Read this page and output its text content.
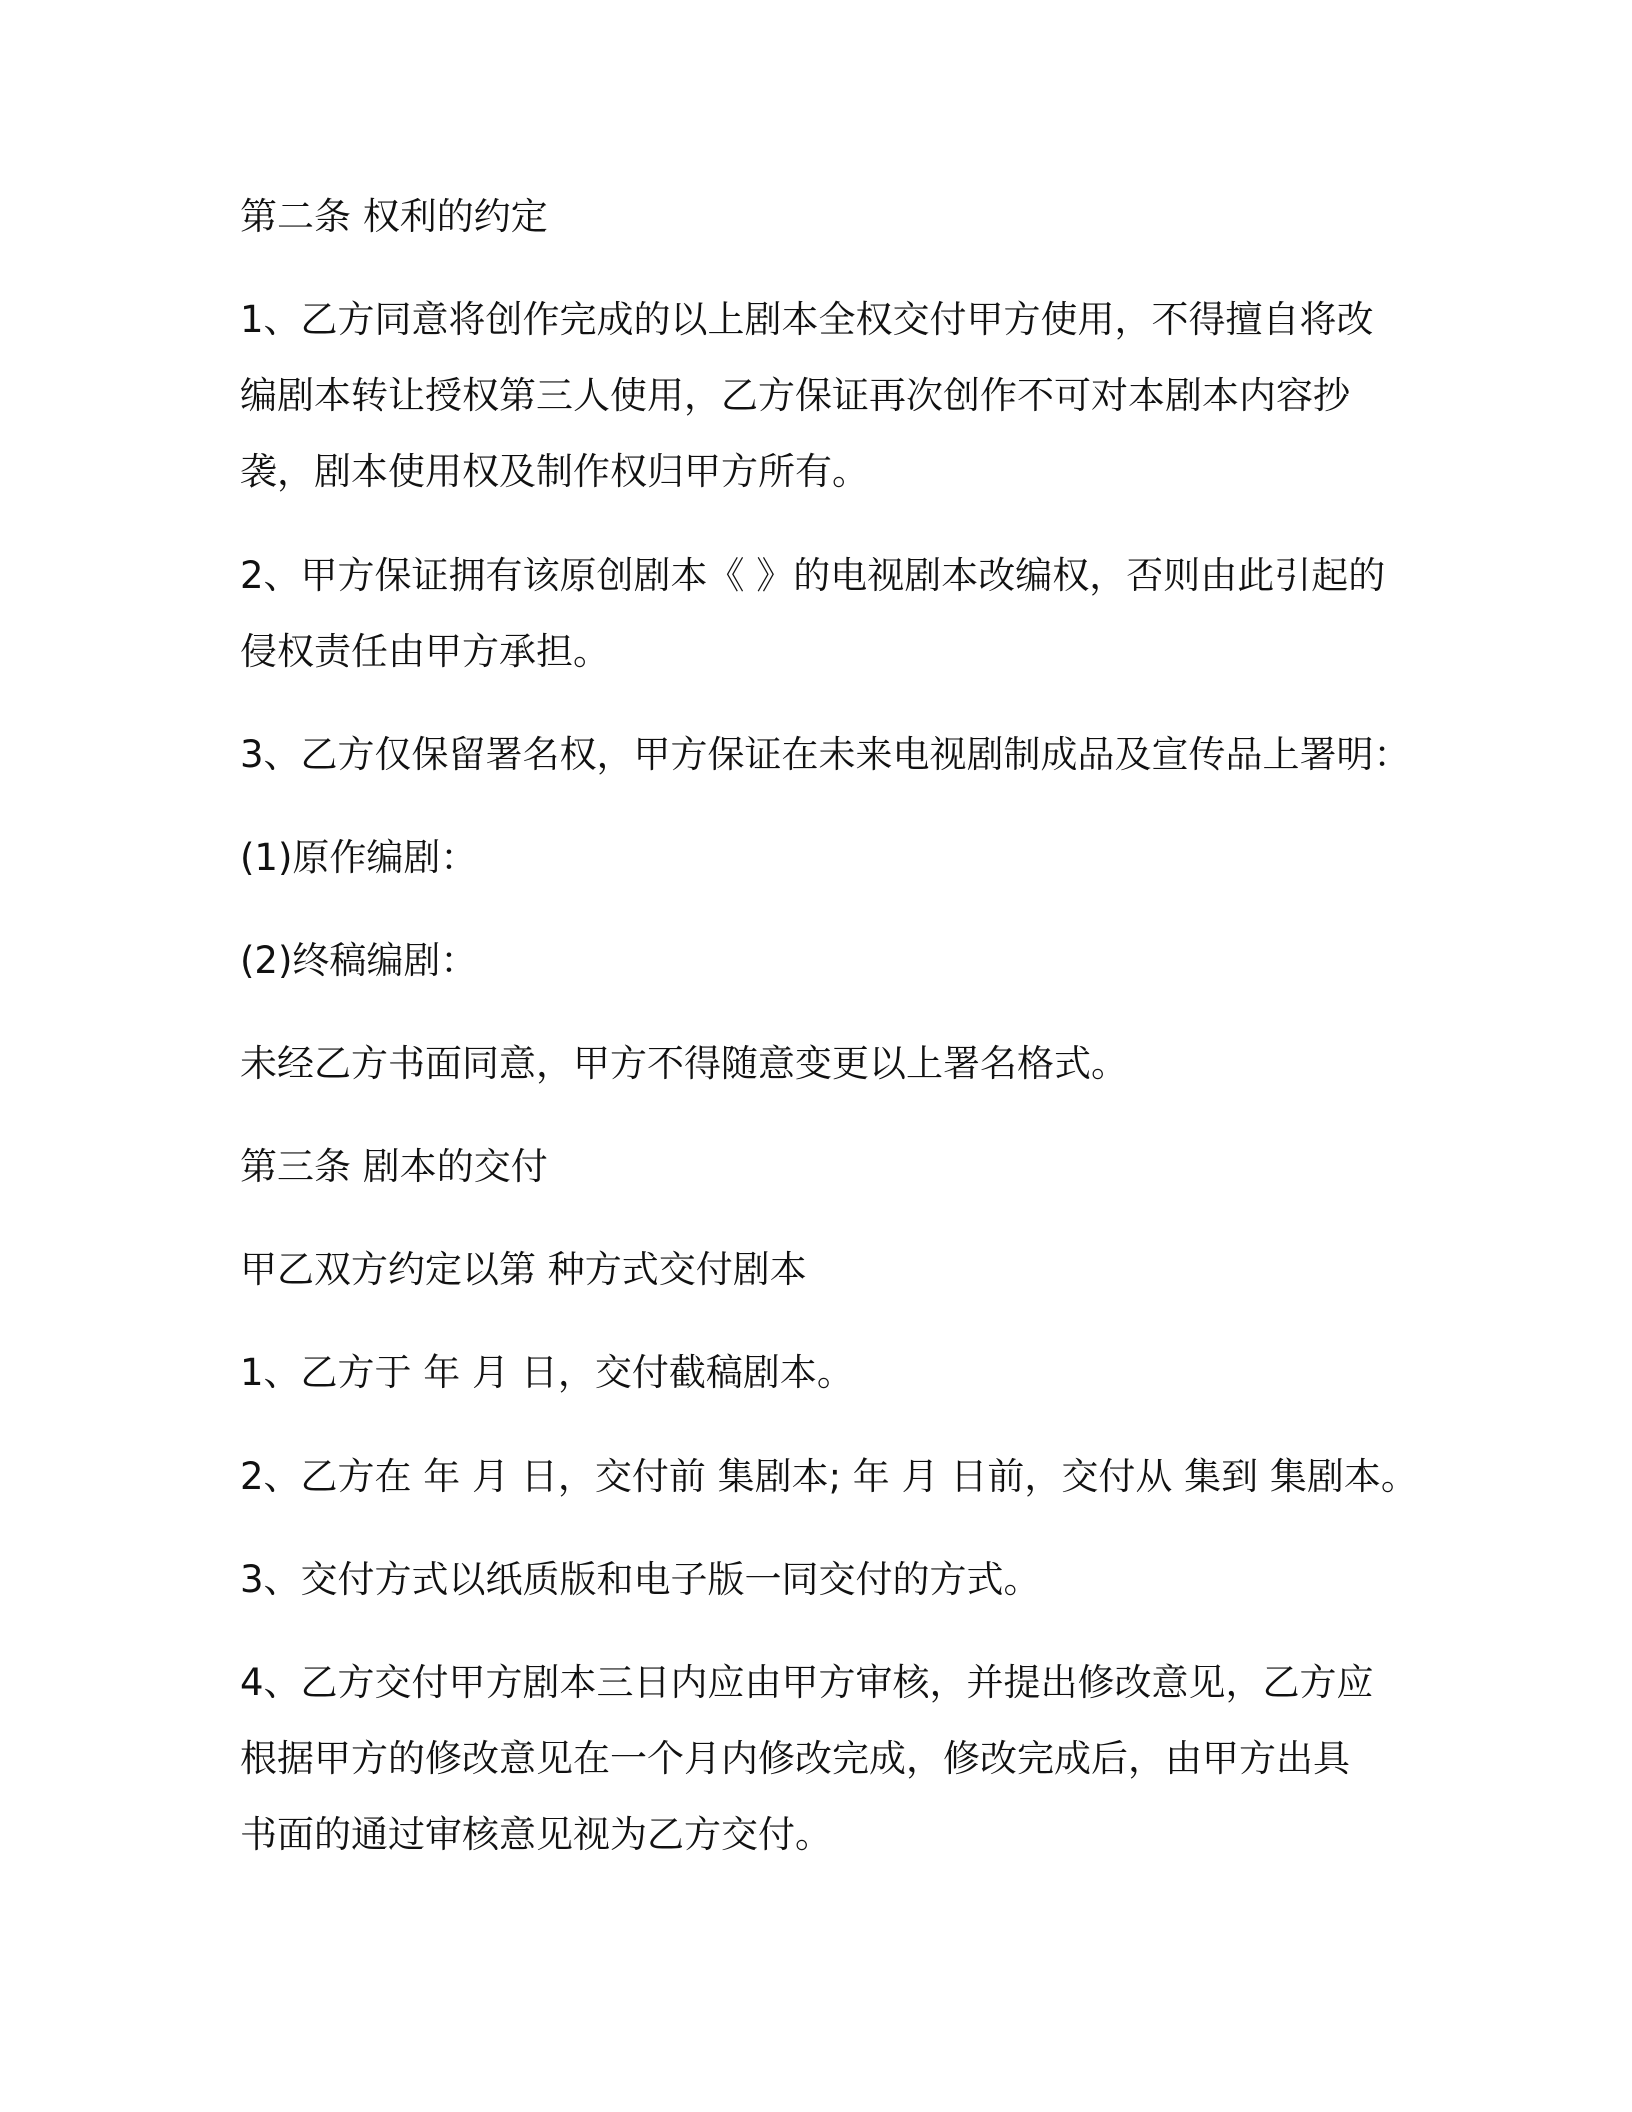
第二条 权利的约定

1、乙方同意将创作完成的以上剧本全权交付甲方使用，不得擅自将改

编剧本转让授权第三人使用，乙方保证再次创作不可对本剧本内容抄

袭，剧本使用权及制作权归甲方所有。

2、甲方保证拥有该原创剧本《 》的电视剧本改编权，否则由此引起的

侵权责任由甲方承担。

3、乙方仅保留署名权，甲方保证在未来电视剧制成品及宣传品上署明：

(1)原作编剧：

(2)终稿编剧：

未经乙方书面同意，甲方不得随意变更以上署名格式。

第三条 剧本的交付

甲乙双方约定以第 种方式交付剧本

1、乙方于 年 月 日，交付截稿剧本。

2、乙方在 年 月 日，交付前 集剧本; 年 月 日前，交付从 集到 集剧本。

3、交付方式以纸质版和电子版一同交付的方式。

4、乙方交付甲方剧本三日内应由甲方审核，并提出修改意见，乙方应

根据甲方的修改意见在一个月内修改完成，修改完成后，由甲方出具

书面的通过审核意见视为乙方交付。
